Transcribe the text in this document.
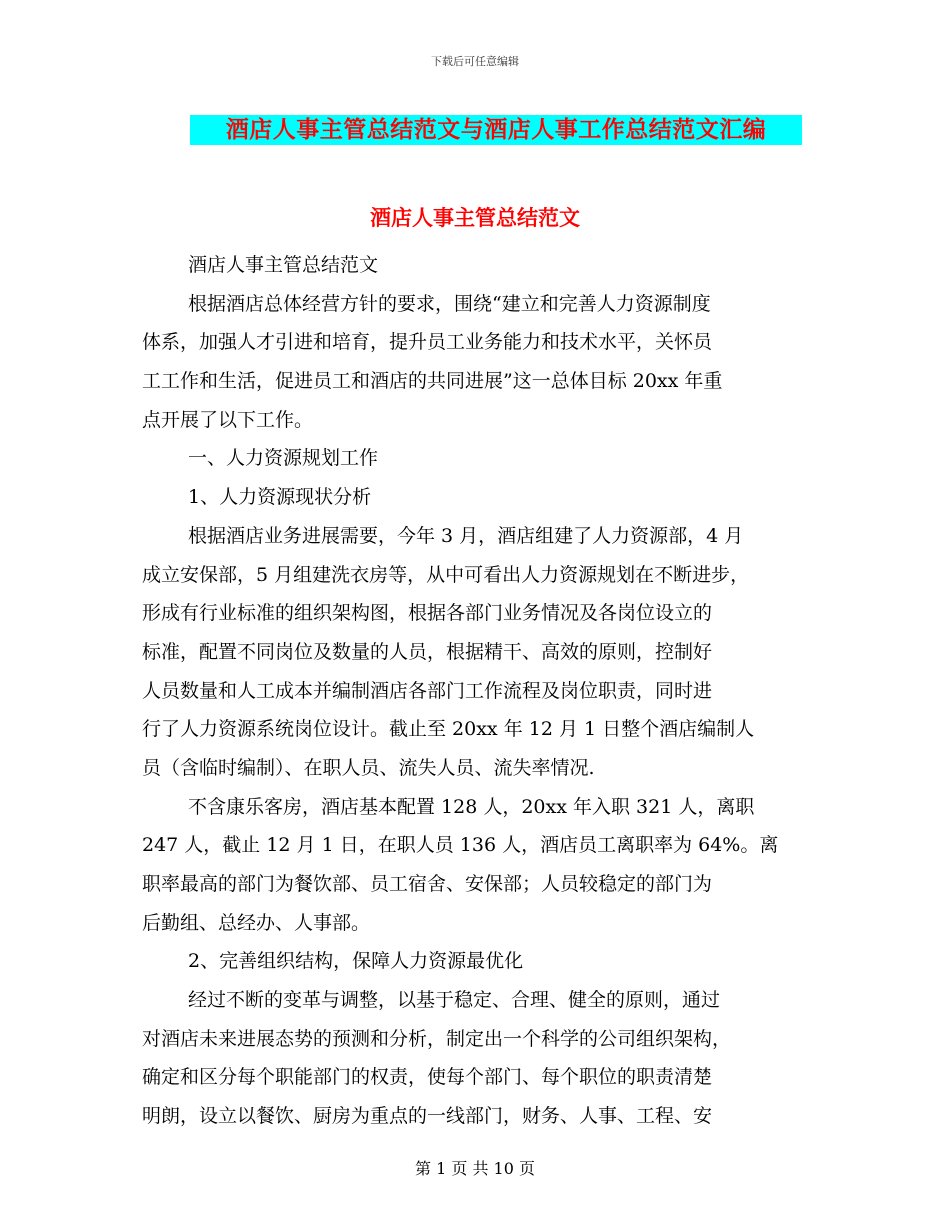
下载后可任意编辑
酒店人事主管总结范文与酒店人事工作总结范文汇编
酒店人事主管总结范文
酒店人事主管总结范文
根据酒店总体经营方针的要求，围绕“建立和完善人力资源制度
体系，加强人才引进和培育，提升员工业务能力和技术水平，关怀员
工工作和生活，促进员工和酒店的共同进展”这一总体目标 20xx 年重
点开展了以下工作。
一、人力资源规划工作
1、人力资源现状分析
根据酒店业务进展需要，今年 3 月，酒店组建了人力资源部，4 月
成立安保部，5 月组建洗衣房等，从中可看出人力资源规划在不断进步，
形成有行业标准的组织架构图，根据各部门业务情况及各岗位设立的
标准，配置不同岗位及数量的人员，根据精干、高效的原则，控制好
人员数量和人工成本并编制酒店各部门工作流程及岗位职责，同时进
行了人力资源系统岗位设计。截止至 20xx 年 12 月 1 日整个酒店编制人
员（含临时编制）、在职人员、流失人员、流失率情况.
不含康乐客房，酒店基本配置 128 人，20xx 年入职 321 人，离职
247 人，截止 12 月 1 日，在职人员 136 人，酒店员工离职率为 64%。离
职率最高的部门为餐饮部、员工宿舍、安保部；人员较稳定的部门为
后勤组、总经办、人事部。
2、完善组织结构，保障人力资源最优化
经过不断的变革与调整，以基于稳定、合理、健全的原则，通过
对酒店未来进展态势的预测和分析，制定出一个科学的公司组织架构，
确定和区分每个职能部门的权责，使每个部门、每个职位的职责清楚
明朗，设立以餐饮、厨房为重点的一线部门，财务、人事、工程、安
第 1 页 共 10 页
